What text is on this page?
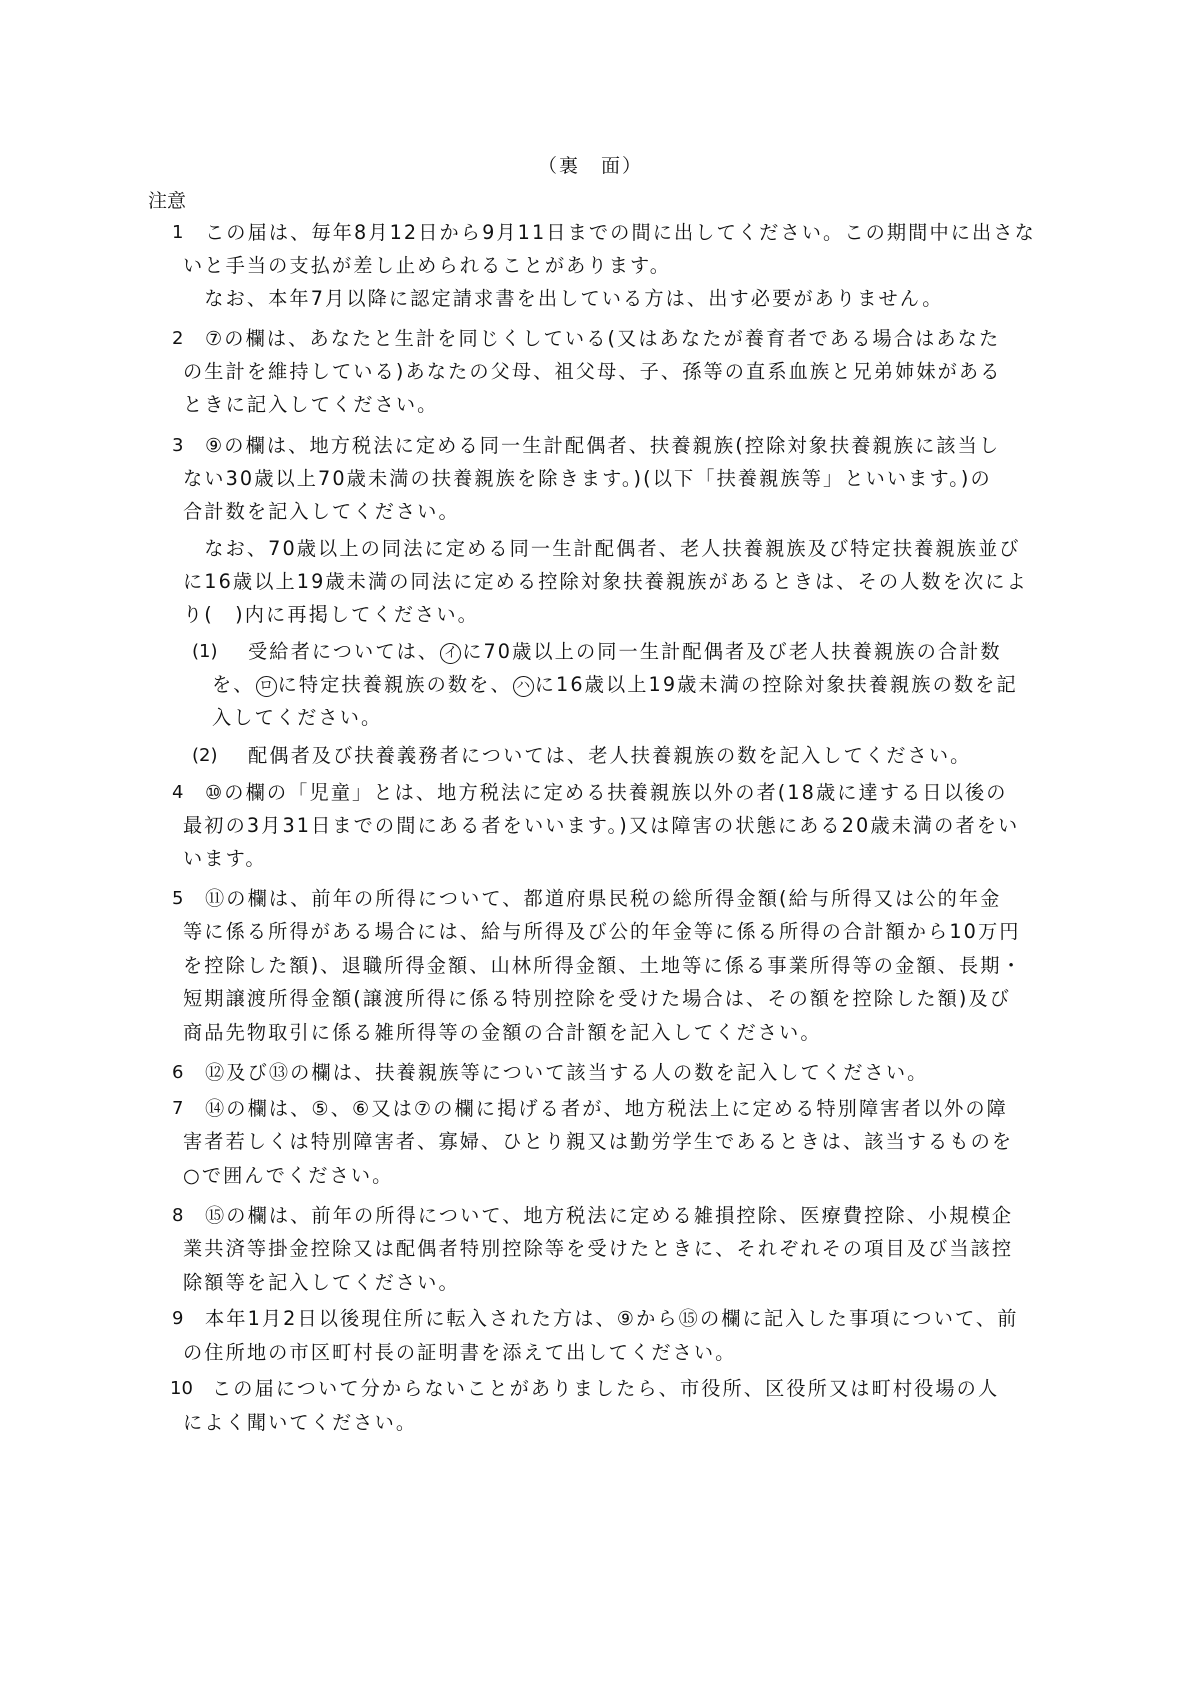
（裏　面）
注意
1 この届は、毎年8月12日から9月11日までの間に出してください。この期間中に出さな
いと手当の支払が差し止められることがあります。
　なお、本年7月以降に認定請求書を出している方は、出す必要がありません。
2 ⑦の欄は、あなたと生計を同じくしている(又はあなたが養育者である場合はあなた
の生計を維持している)あなたの父母、祖父母、子、孫等の直系血族と兄弟姉妹がある
ときに記入してください。
3 ⑨の欄は、地方税法に定める同一生計配偶者、扶養親族(控除対象扶養親族に該当し
ない30歳以上70歳未満の扶養親族を除きます。)(以下「扶養親族等」といいます。)の
合計数を記入してください。
　なお、70歳以上の同法に定める同一生計配偶者、老人扶養親族及び特定扶養親族並び
に16歳以上19歳未満の同法に定める控除対象扶養親族があるときは、その人数を次によ
り(　)内に再掲してください。
(1) 受給者については、 イ に70歳以上の同一生計配偶者及び老人扶養親族の合計数
を、 ロ に特定扶養親族の数を、 ハ に16歳以上19歳未満の控除対象扶養親族の数を記
入してください。
(2) 配偶者及び扶養義務者については、老人扶養親族の数を記入してください。
4 ⑩の欄の「児童」とは、地方税法に定める扶養親族以外の者(18歳に達する日以後の
最初の3月31日までの間にある者をいいます。)又は障害の状態にある20歳未満の者をい
います。
5 ⑪の欄は、前年の所得について、都道府県民税の総所得金額(給与所得又は公的年金
等に係る所得がある場合には、給与所得及び公的年金等に係る所得の合計額から10万円
を控除した額)、退職所得金額、山林所得金額、土地等に係る事業所得等の金額、長期・
短期譲渡所得金額(譲渡所得に係る特別控除を受けた場合は、その額を控除した額)及び
商品先物取引に係る雑所得等の金額の合計額を記入してください。
6 ⑫及び⑬の欄は、扶養親族等について該当する人の数を記入してください。
7 ⑭の欄は、⑤、⑥又は⑦の欄に掲げる者が、地方税法上に定める特別障害者以外の障
害者若しくは特別障害者、寡婦、ひとり親又は勤労学生であるときは、該当するものを
○で囲んでください。
8 ⑮の欄は、前年の所得について、地方税法に定める雑損控除、医療費控除、小規模企
業共済等掛金控除又は配偶者特別控除等を受けたときに、それぞれその項目及び当該控
除額等を記入してください。
9 本年1月2日以後現住所に転入された方は、⑨から⑮の欄に記入した事項について、前
の住所地の市区町村長の証明書を添えて出してください。
10 この届について分からないことがありましたら、市役所、区役所又は町村役場の人
によく聞いてください。
